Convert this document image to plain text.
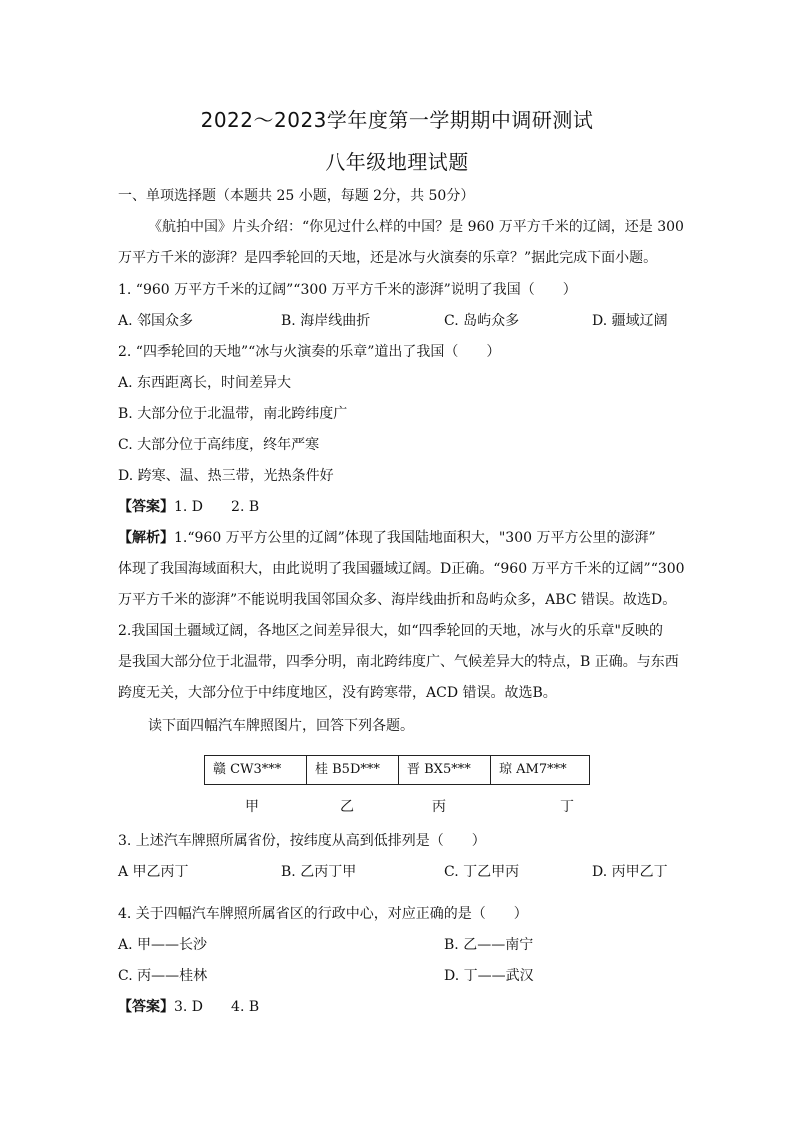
2022～2023学年度第一学期期中调研测试
八年级地理试题
一、单项选择题（本题共 25 小题，每题 2分，共 50分）
《航拍中国》片头介绍：“你见过什么样的中国？是 960 万平方千米的辽阔，还是 300
万平方千米的澎湃？是四季轮回的天地，还是冰与火演奏的乐章？”据此完成下面小题。
1. “960 万平方千米的辽阔”“300 万平方千米的澎湃”说明了我国（　　）
A. 邻国众多	B. 海岸线曲折	C. 岛屿众多	D. 疆域辽阔
2. “四季轮回的天地”“冰与火演奏的乐章”道出了我国（　　）
A. 东西距离长，时间差异大
B. 大部分位于北温带，南北跨纬度广
C. 大部分位于高纬度，终年严寒
D. 跨寒、温、热三带，光热条件好
【答案】1. D　　2. B
【解析】1.“960 万平方公里的辽阔”体现了我国陆地面积大，"300 万平方公里的澎湃”
体现了我国海域面积大，由此说明了我国疆域辽阔。D正确。“960 万平方千米的辽阔”“300
万平方千米的澎湃”不能说明我国邻国众多、海岸线曲折和岛屿众多，ABC 错误。故选D。
2.我国国土疆域辽阔，各地区之间差异很大，如“四季轮回的天地，冰与火的乐章"反映的
是我国大部分位于北温带，四季分明，南北跨纬度广、气候差异大的特点，B 正确。与东西
跨度无关，大部分位于中纬度地区，没有跨寒带，ACD 错误。故选B。
读下面四幅汽车牌照图片，回答下列各题。
赣 CW3***	桂 B5D***	晋 BX5***	琼 AM7***
甲	乙	丙	丁
3. 上述汽车牌照所属省份，按纬度从高到低排列是（　　）
A 甲乙丙丁	B. 乙丙丁甲	C. 丁乙甲丙	D. 丙甲乙丁
4. 关于四幅汽车牌照所属省区的行政中心，对应正确的是（　　）
A. 甲——长沙	B. 乙——南宁
C. 丙——桂林	D. 丁——武汉
【答案】3. D　　4. B
